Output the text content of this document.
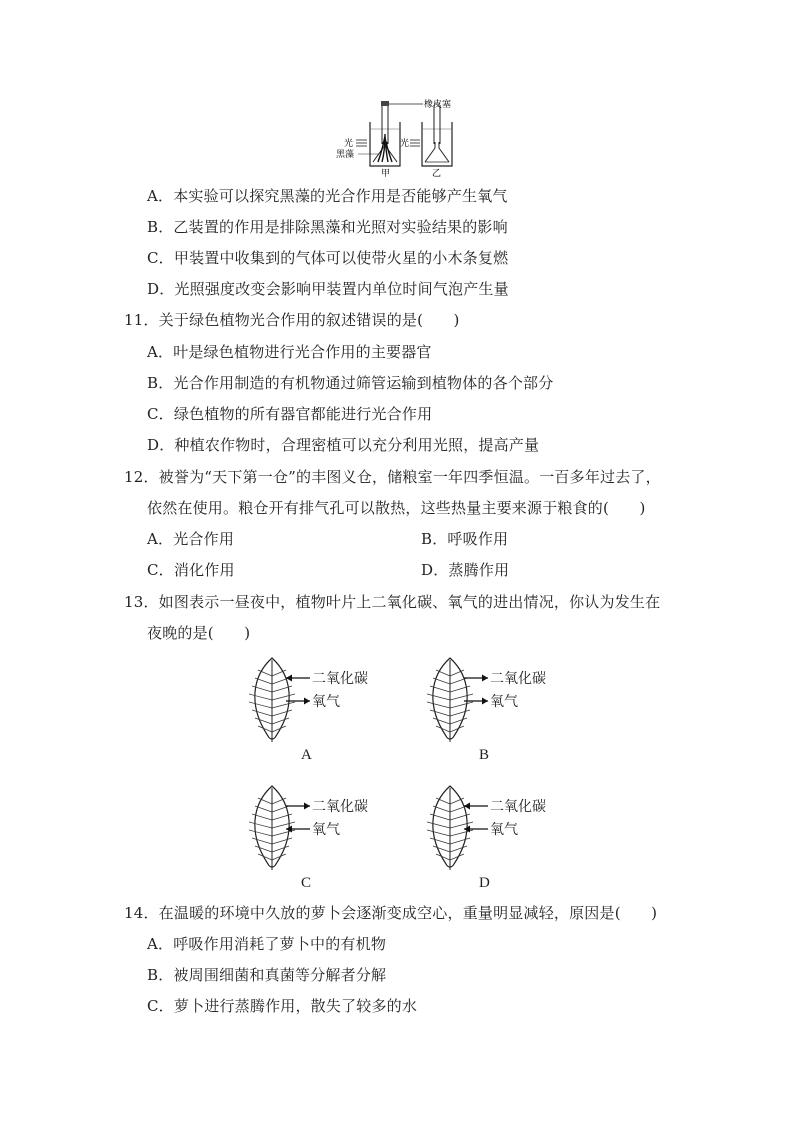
橡皮塞
光
黑藻
光
甲	乙
A．本实验可以探究黑藻的光合作用是否能够产生氧气
B．乙装置的作用是排除黑藻和光照对实验结果的影响
C．甲装置中收集到的气体可以使带火星的小木条复燃
D．光照强度改变会影响甲装置内单位时间气泡产生量
11．关于绿色植物光合作用的叙述错误的是(　　)
A．叶是绿色植物进行光合作用的主要器官
B．光合作用制造的有机物通过筛管运输到植物体的各个部分
C．绿色植物的所有器官都能进行光合作用
D．种植农作物时，合理密植可以充分利用光照，提高产量
12．被誉为“天下第一仓”的丰图义仓，储粮室一年四季恒温。一百多年过去了，
依然在使用。粮仓开有排气孔可以散热，这些热量主要来源于粮食的(　　)
A．光合作用	B．呼吸作用
C．消化作用	D．蒸腾作用
13．如图表示一昼夜中，植物叶片上二氧化碳、氧气的进出情况，你认为发生在
夜晚的是(　　)
二氧化碳
氧气
A
二氧化碳
氧气
B
二氧化碳
氧气
C
二氧化碳
氧气
D
14．在温暖的环境中久放的萝卜会逐渐变成空心，重量明显减轻，原因是(　　)
A．呼吸作用消耗了萝卜中的有机物
B．被周围细菌和真菌等分解者分解
C．萝卜进行蒸腾作用，散失了较多的水
